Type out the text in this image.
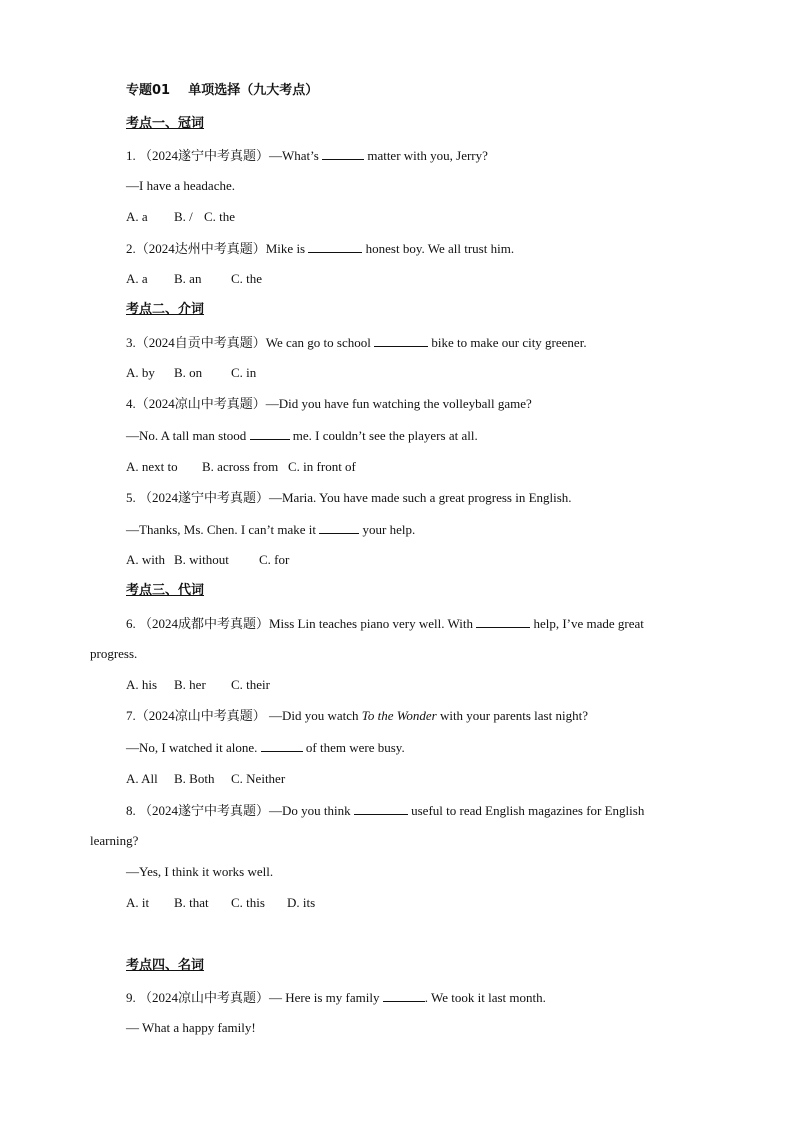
专题01 单项选择（九大考点）
考点一、冠词
1. （2024遂宁中考真题）—What’s	matter with you, Jerry?
—I have a headache.
A. a B. / C. the
2.（2024达州中考真题）Mike is	honest boy. We all trust him.
A. a B. an C. the
考点二、介词
3.（2024自贡中考真题）We can go to school	bike to make our city greener.
A. by B. on C. in
4.（2024凉山中考真题）—Did you have fun watching the volleyball game?
—No. A tall man stood	me. I couldn’t see the players at all.
A. next to B. across from C. in front of
5. （2024遂宁中考真题）—Maria. You have made such a great progress in English.
—Thanks, Ms. Chen. I can’t make it	your help.
A. with B. without C. for
考点三、代词
6. （2024成都中考真题）Miss Lin teaches piano very well. With	help, I’ve made great
progress.
A. his B. her C. their
7.（2024凉山中考真题） —Did you watch To the Wonder with your parents last night?
—No, I watched it alone.	of them were busy.
A. All B. Both C. Neither
8. （2024遂宁中考真题）—Do you think	useful to read English magazines for English
learning?
—Yes, I think it works well.
A. it B. that C. this D. its
考点四、名词
9. （2024凉山中考真题）— Here is my family	. We took it last month.
— What a happy family!
